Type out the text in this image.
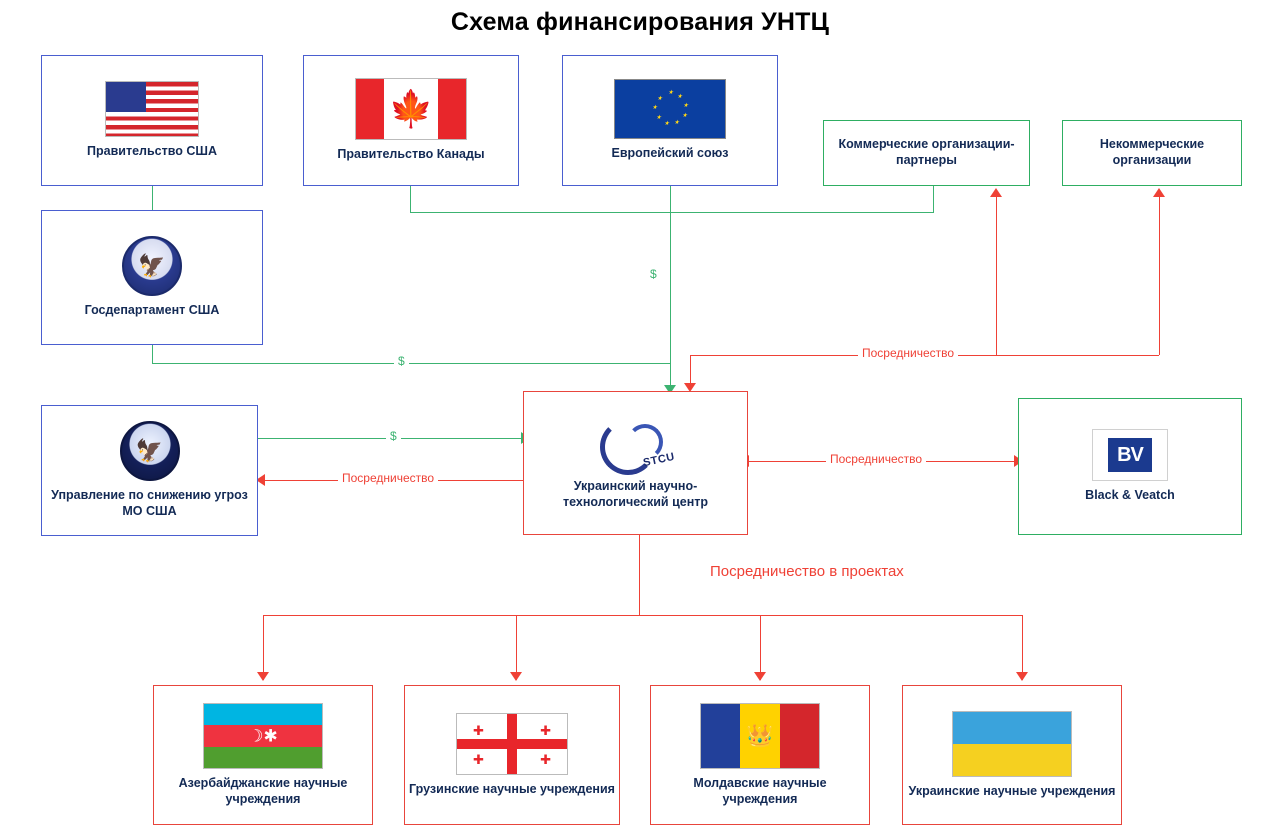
Схема финансирования УНТЦ
$
$
$
Посредничество
Посредничество
Посредничество
Посредничество в проектах
Правительство США
🍁
Правительство Канады
★
★
★
★
★
★
★
★
★
Европейский союз
Коммерческие организации-партнеры
Некоммерческие организации
🦅
Госдепартамент США
🦅
Управление по снижению угроз МО США
STCU
Украинский научно-технологический центр
BV
Black & Veatch
☽✱
Азербайджанские научные учреждения
✚	✚
✚	✚
Грузинские научные учреждения
👑
Молдавские научные учреждения
Украинские научные учреждения
